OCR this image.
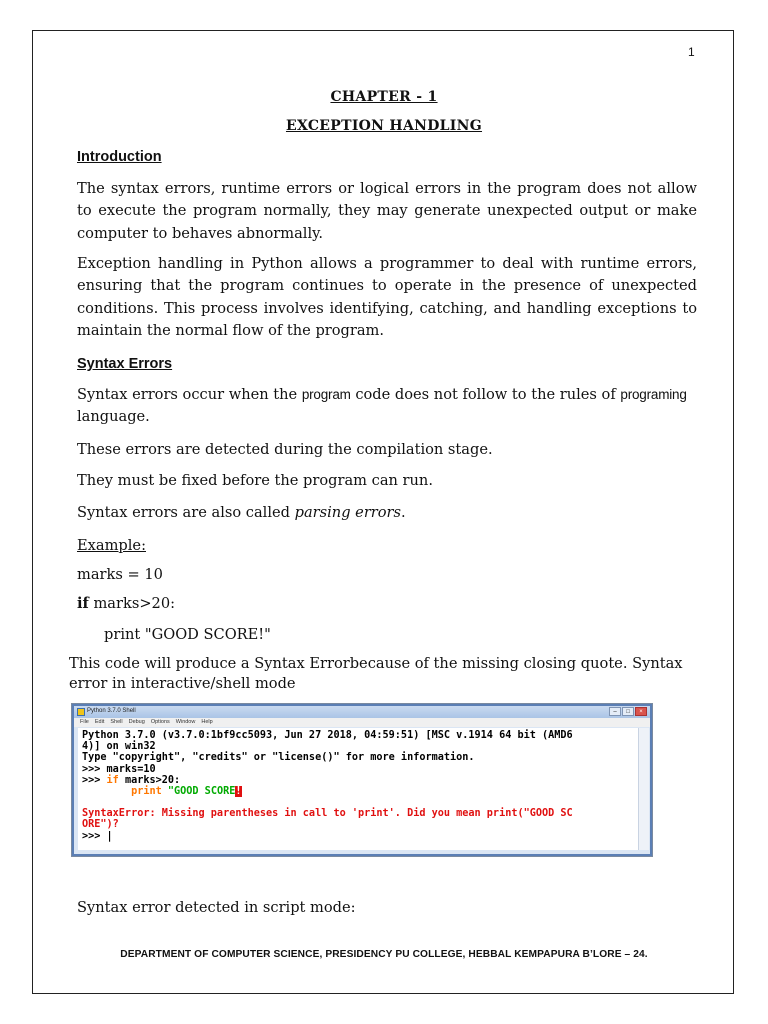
1
CHAPTER - 1
EXCEPTION HANDLING
Introduction

The syntax errors, runtime errors or logical errors in the program does not allow to execute the program normally, they may generate unexpected output or make computer to behaves abnormally.

Exception handling in Python allows a programmer to deal with runtime errors, ensuring that the program continues to operate in the presence of unexpected conditions. This process involves identifying, catching, and handling exceptions to maintain the normal flow of the program.

Syntax Errors

Syntax errors occur when the program code does not follow to the rules of programing
language.

These errors are detected during the compilation stage.
They must be fixed before the program can run.
Syntax errors are also called parsing errors.
Example:
marks = 10
if marks>20:
print "GOOD SCORE!"
This code will produce a Syntax Errorbecause of the missing closing quote. Syntax
error in interactive/shell mode
Python 3.7.0 Shell	–	□	×
File Edit Shell Debug Options Window Help
Python 3.7.0 (v3.7.0:1bf9cc5093, Jun 27 2018, 04:59:51) [MSC v.1914 64 bit (AMD6
4)] on win32
Type "copyright", "credits" or "license()" for more information.
>>> marks=10
>>> if marks>20:
print "GOOD SCORE!
SyntaxError: Missing parentheses in call to 'print'. Did you mean print("GOOD SC
ORE")?
>>> |
Syntax error detected in script mode:
DEPARTMENT OF COMPUTER SCIENCE, PRESIDENCY PU COLLEGE, HEBBAL KEMPAPURA B’LORE – 24.
